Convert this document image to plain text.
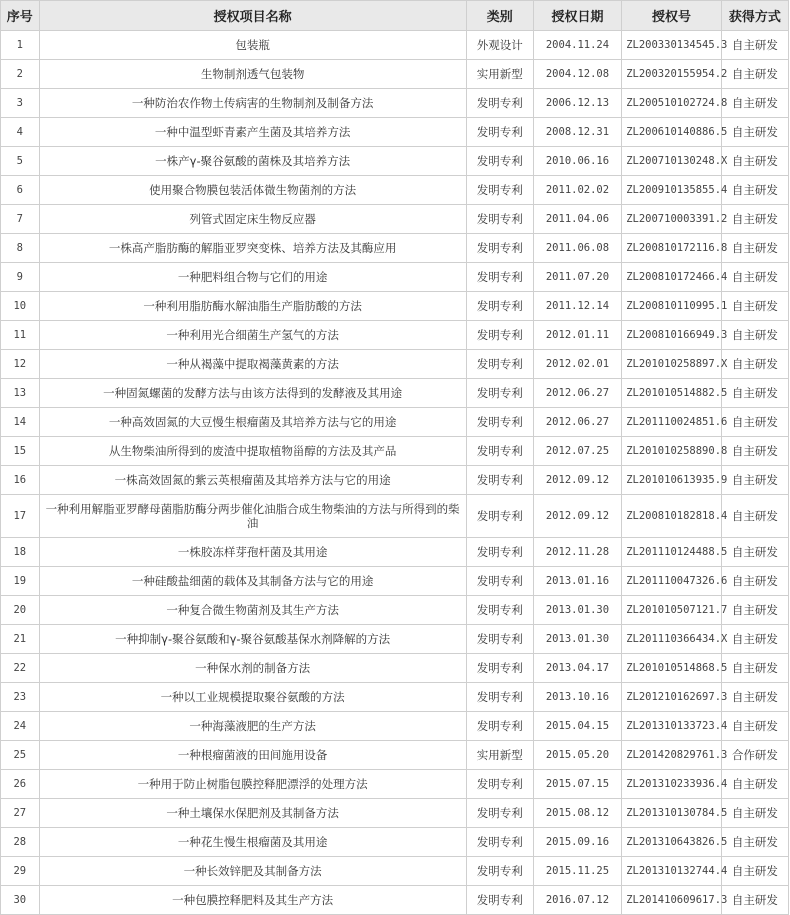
序号	授权项目名称	类别	授权日期	授权号	获得方式
1	包装瓶	外观设计	2004.11.24	ZL200330134545.3	自主研发
2	生物制剂透气包装物	实用新型	2004.12.08	ZL200320155954.2	自主研发
3	一种防治农作物土传病害的生物制剂及制备方法	发明专利	2006.12.13	ZL200510102724.8	自主研发
4	一种中温型虾青素产生菌及其培养方法	发明专利	2008.12.31	ZL200610140886.5	自主研发
5	一株产γ-聚谷氨酸的菌株及其培养方法	发明专利	2010.06.16	ZL200710130248.X	自主研发
6	使用聚合物膜包装活体微生物菌剂的方法	发明专利	2011.02.02	ZL200910135855.4	自主研发
7	列管式固定床生物反应器	发明专利	2011.04.06	ZL200710003391.2	自主研发
8	一株高产脂肪酶的解脂亚罗突变株、培养方法及其酶应用	发明专利	2011.06.08	ZL200810172116.8	自主研发
9	一种肥料组合物与它们的用途	发明专利	2011.07.20	ZL200810172466.4	自主研发
10	一种利用脂肪酶水解油脂生产脂肪酸的方法	发明专利	2011.12.14	ZL200810110995.1	自主研发
11	一种利用光合细菌生产氢气的方法	发明专利	2012.01.11	ZL200810166949.3	自主研发
12	一种从褐藻中提取褐藻黄素的方法	发明专利	2012.02.01	ZL201010258897.X	自主研发
13	一种固氮螺菌的发酵方法与由该方法得到的发酵液及其用途	发明专利	2012.06.27	ZL201010514882.5	自主研发
14	一种高效固氮的大豆慢生根瘤菌及其培养方法与它的用途	发明专利	2012.06.27	ZL201110024851.6	自主研发
15	从生物柴油所得到的废渣中提取植物甾醇的方法及其产品	发明专利	2012.07.25	ZL201010258890.8	自主研发
16	一株高效固氮的紫云英根瘤菌及其培养方法与它的用途	发明专利	2012.09.12	ZL201010613935.9	自主研发
17	一种利用解脂亚罗酵母菌脂肪酶分两步催化油脂合成生物柴油的方法与所得到的柴油	发明专利	2012.09.12	ZL200810182818.4	自主研发
18	一株胶冻样芽孢杆菌及其用途	发明专利	2012.11.28	ZL201110124488.5	自主研发
19	一种硅酸盐细菌的载体及其制备方法与它的用途	发明专利	2013.01.16	ZL201110047326.6	自主研发
20	一种复合微生物菌剂及其生产方法	发明专利	2013.01.30	ZL201010507121.7	自主研发
21	一种抑制γ-聚谷氨酸和γ-聚谷氨酸基保水剂降解的方法	发明专利	2013.01.30	ZL201110366434.X	自主研发
22	一种保水剂的制备方法	发明专利	2013.04.17	ZL201010514868.5	自主研发
23	一种以工业规模提取聚谷氨酸的方法	发明专利	2013.10.16	ZL201210162697.3	自主研发
24	一种海藻液肥的生产方法	发明专利	2015.04.15	ZL201310133723.4	自主研发
25	一种根瘤菌液的田间施用设备	实用新型	2015.05.20	ZL201420829761.3	合作研发
26	一种用于防止树脂包膜控释肥漂浮的处理方法	发明专利	2015.07.15	ZL201310233936.4	自主研发
27	一种土壤保水保肥剂及其制备方法	发明专利	2015.08.12	ZL201310130784.5	自主研发
28	一种花生慢生根瘤菌及其用途	发明专利	2015.09.16	ZL201310643826.5	自主研发
29	一种长效锌肥及其制备方法	发明专利	2015.11.25	ZL201310132744.4	自主研发
30	一种包膜控释肥料及其生产方法	发明专利	2016.07.12	ZL201410609617.3	自主研发
